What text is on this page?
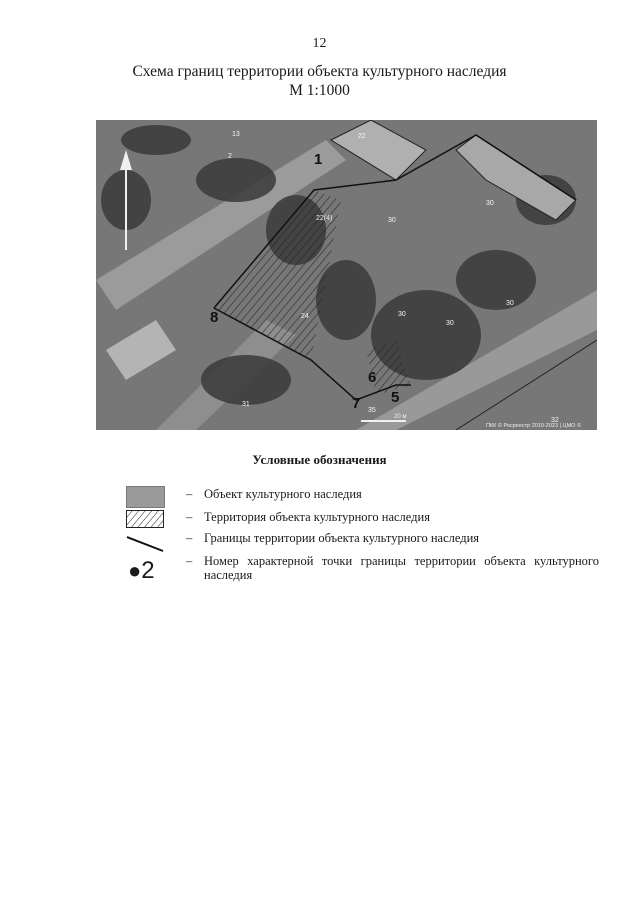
12
Схема границ территории объекта культурного наследия
М 1:1000
13
2
22
22(4)
24
30
30
30
30
30
31
35
32
1
5
6
7
8
20 м
ПКК © Росреестр 2010-2023 | ЦМО ©
Условные обозначения
– Объект культурного наследия
– Территория объекта культурного наследия
– Границы территории объекта культурного наследия
●2	– Номер характерной точки границы территории объекта культурного наследия
